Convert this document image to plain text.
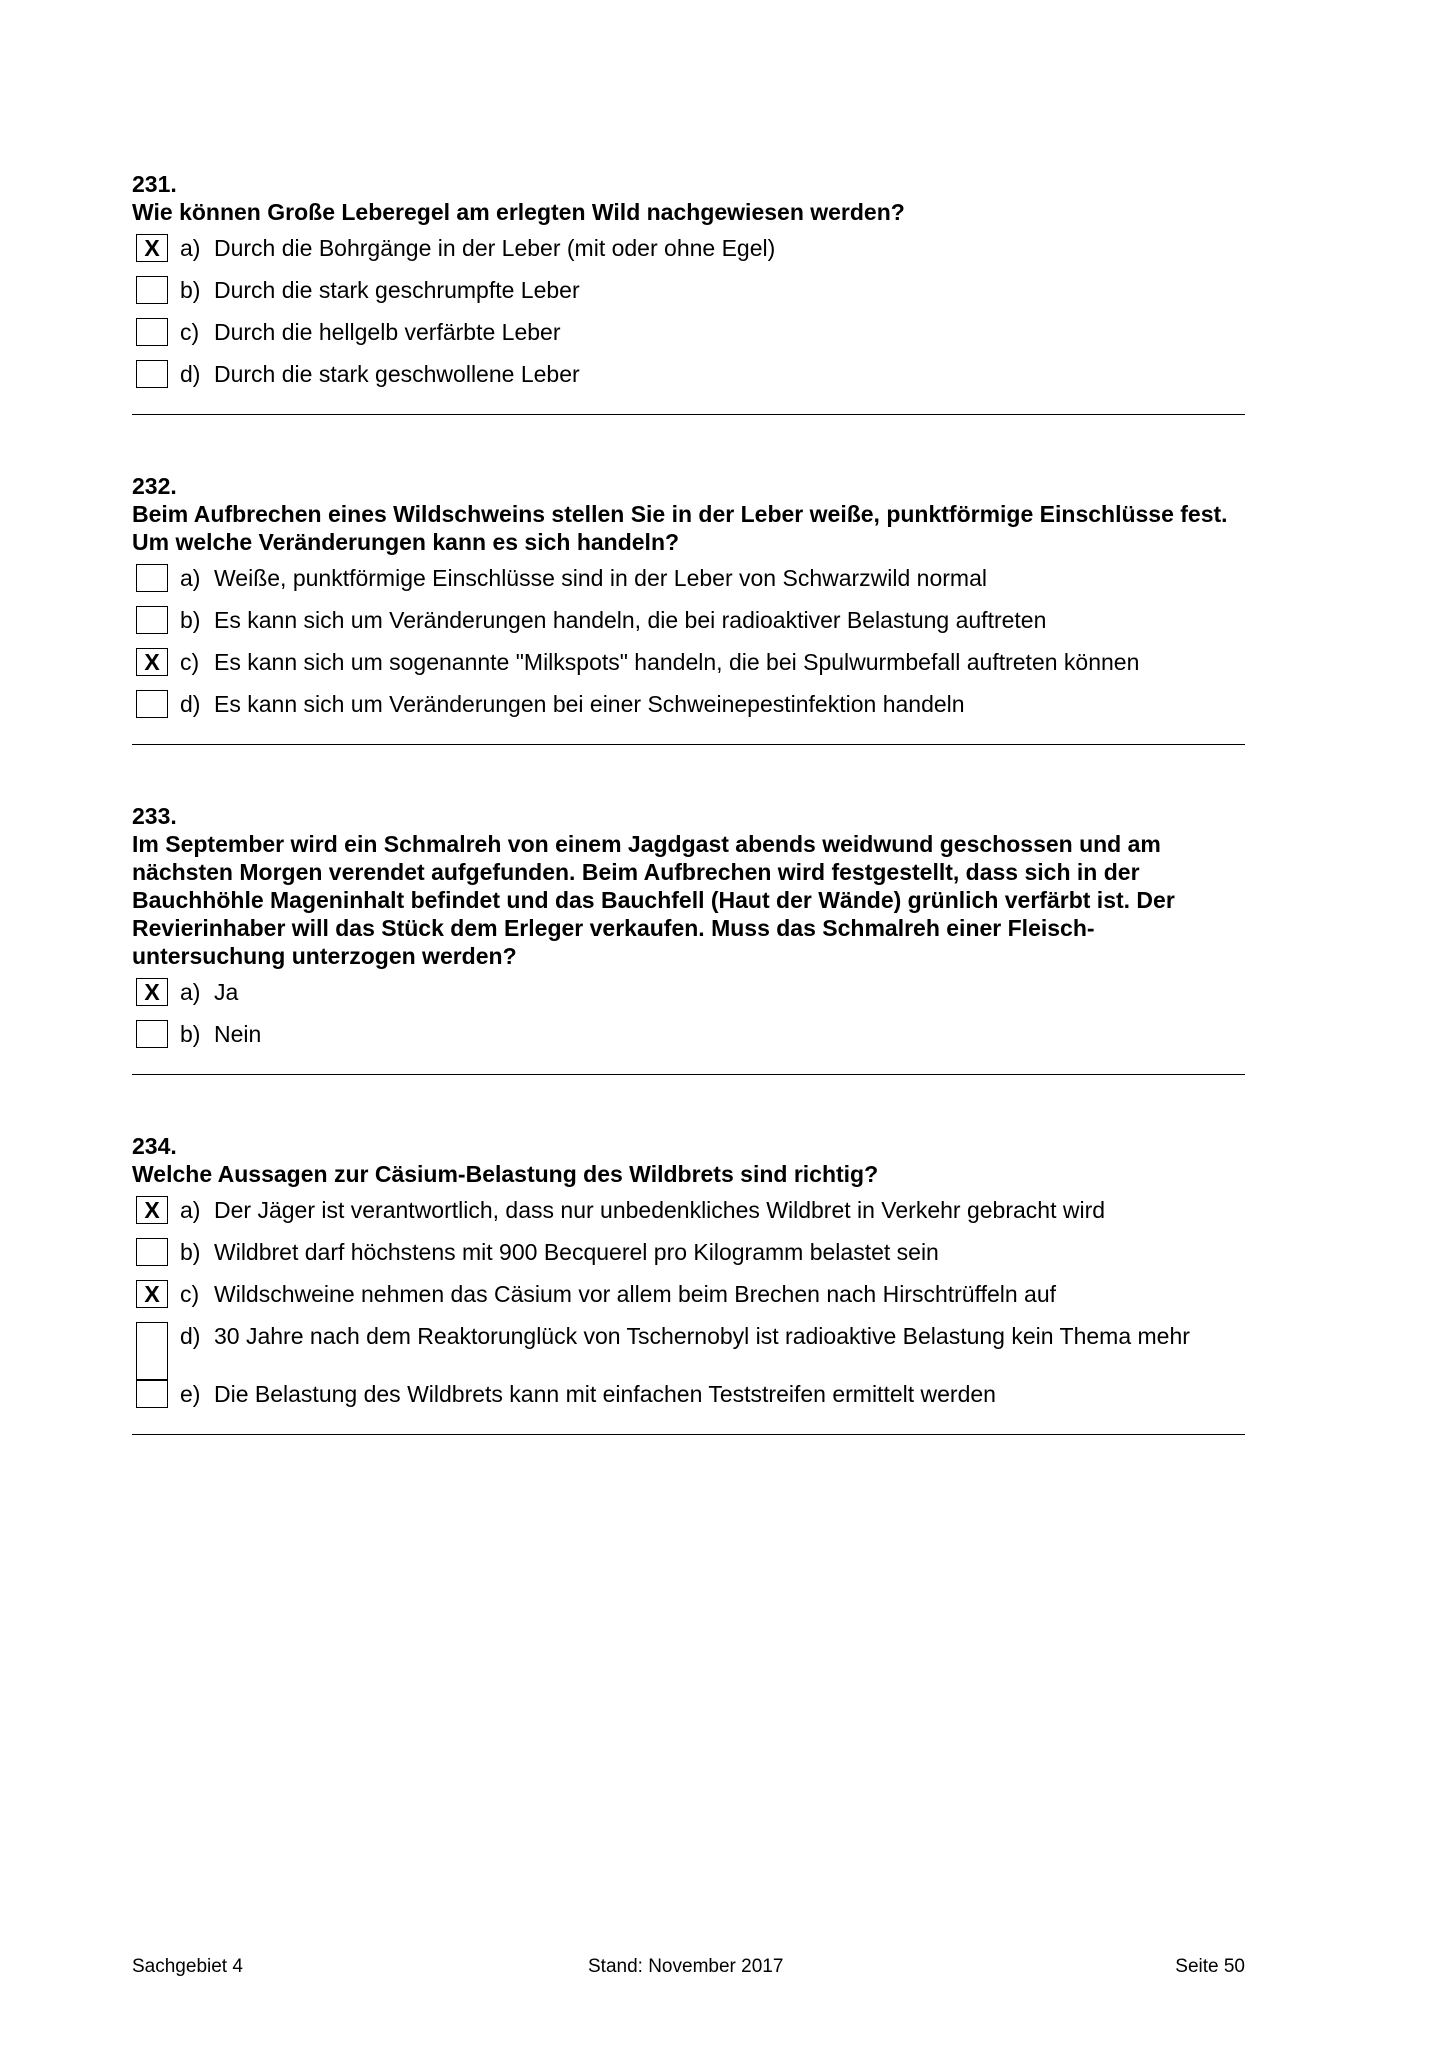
231.
Wie können Große Leberegel am erlegten Wild nachgewiesen werden?
X a) Durch die Bohrgänge in der Leber (mit oder ohne Egel)
b) Durch die stark geschrumpfte Leber
c) Durch die hellgelb verfärbte Leber
d) Durch die stark geschwollene Leber
232.
Beim Aufbrechen eines Wildschweins stellen Sie in der Leber weiße, punktförmige Einschlüsse fest. Um welche Veränderungen kann es sich handeln?
a) Weiße, punktförmige Einschlüsse sind in der Leber von Schwarzwild normal
b) Es kann sich um Veränderungen handeln, die bei radioaktiver Belastung auftreten
X c) Es kann sich um sogenannte "Milkspots" handeln, die bei Spulwurmbefall auftreten können
d) Es kann sich um Veränderungen bei einer Schweinepestinfektion handeln
233.
Im September wird ein Schmalreh von einem Jagdgast abends weidwund geschossen und am nächsten Morgen verendet aufgefunden. Beim Aufbrechen wird festgestellt, dass sich in der Bauchhöhle Mageninhalt befindet und das Bauchfell (Haut der Wände) grünlich verfärbt ist. Der Revierinhaber will das Stück dem Erleger verkaufen. Muss das Schmalreh einer Fleisch-untersuchung unterzogen werden?
X a) Ja
b) Nein
234.
Welche Aussagen zur Cäsium-Belastung des Wildbrets sind richtig?
X a) Der Jäger ist verantwortlich, dass nur unbedenkliches Wildbret in Verkehr gebracht wird
b) Wildbret darf höchstens mit 900 Becquerel pro Kilogramm belastet sein
X c) Wildschweine nehmen das Cäsium vor allem beim Brechen nach Hirschtrüffeln auf
d) 30 Jahre nach dem Reaktorunglück von Tschernobyl ist radioaktive Belastung kein Thema mehr
e) Die Belastung des Wildbrets kann mit einfachen Teststreifen ermittelt werden
Sachgebiet 4	Stand: November 2017	Seite 50
